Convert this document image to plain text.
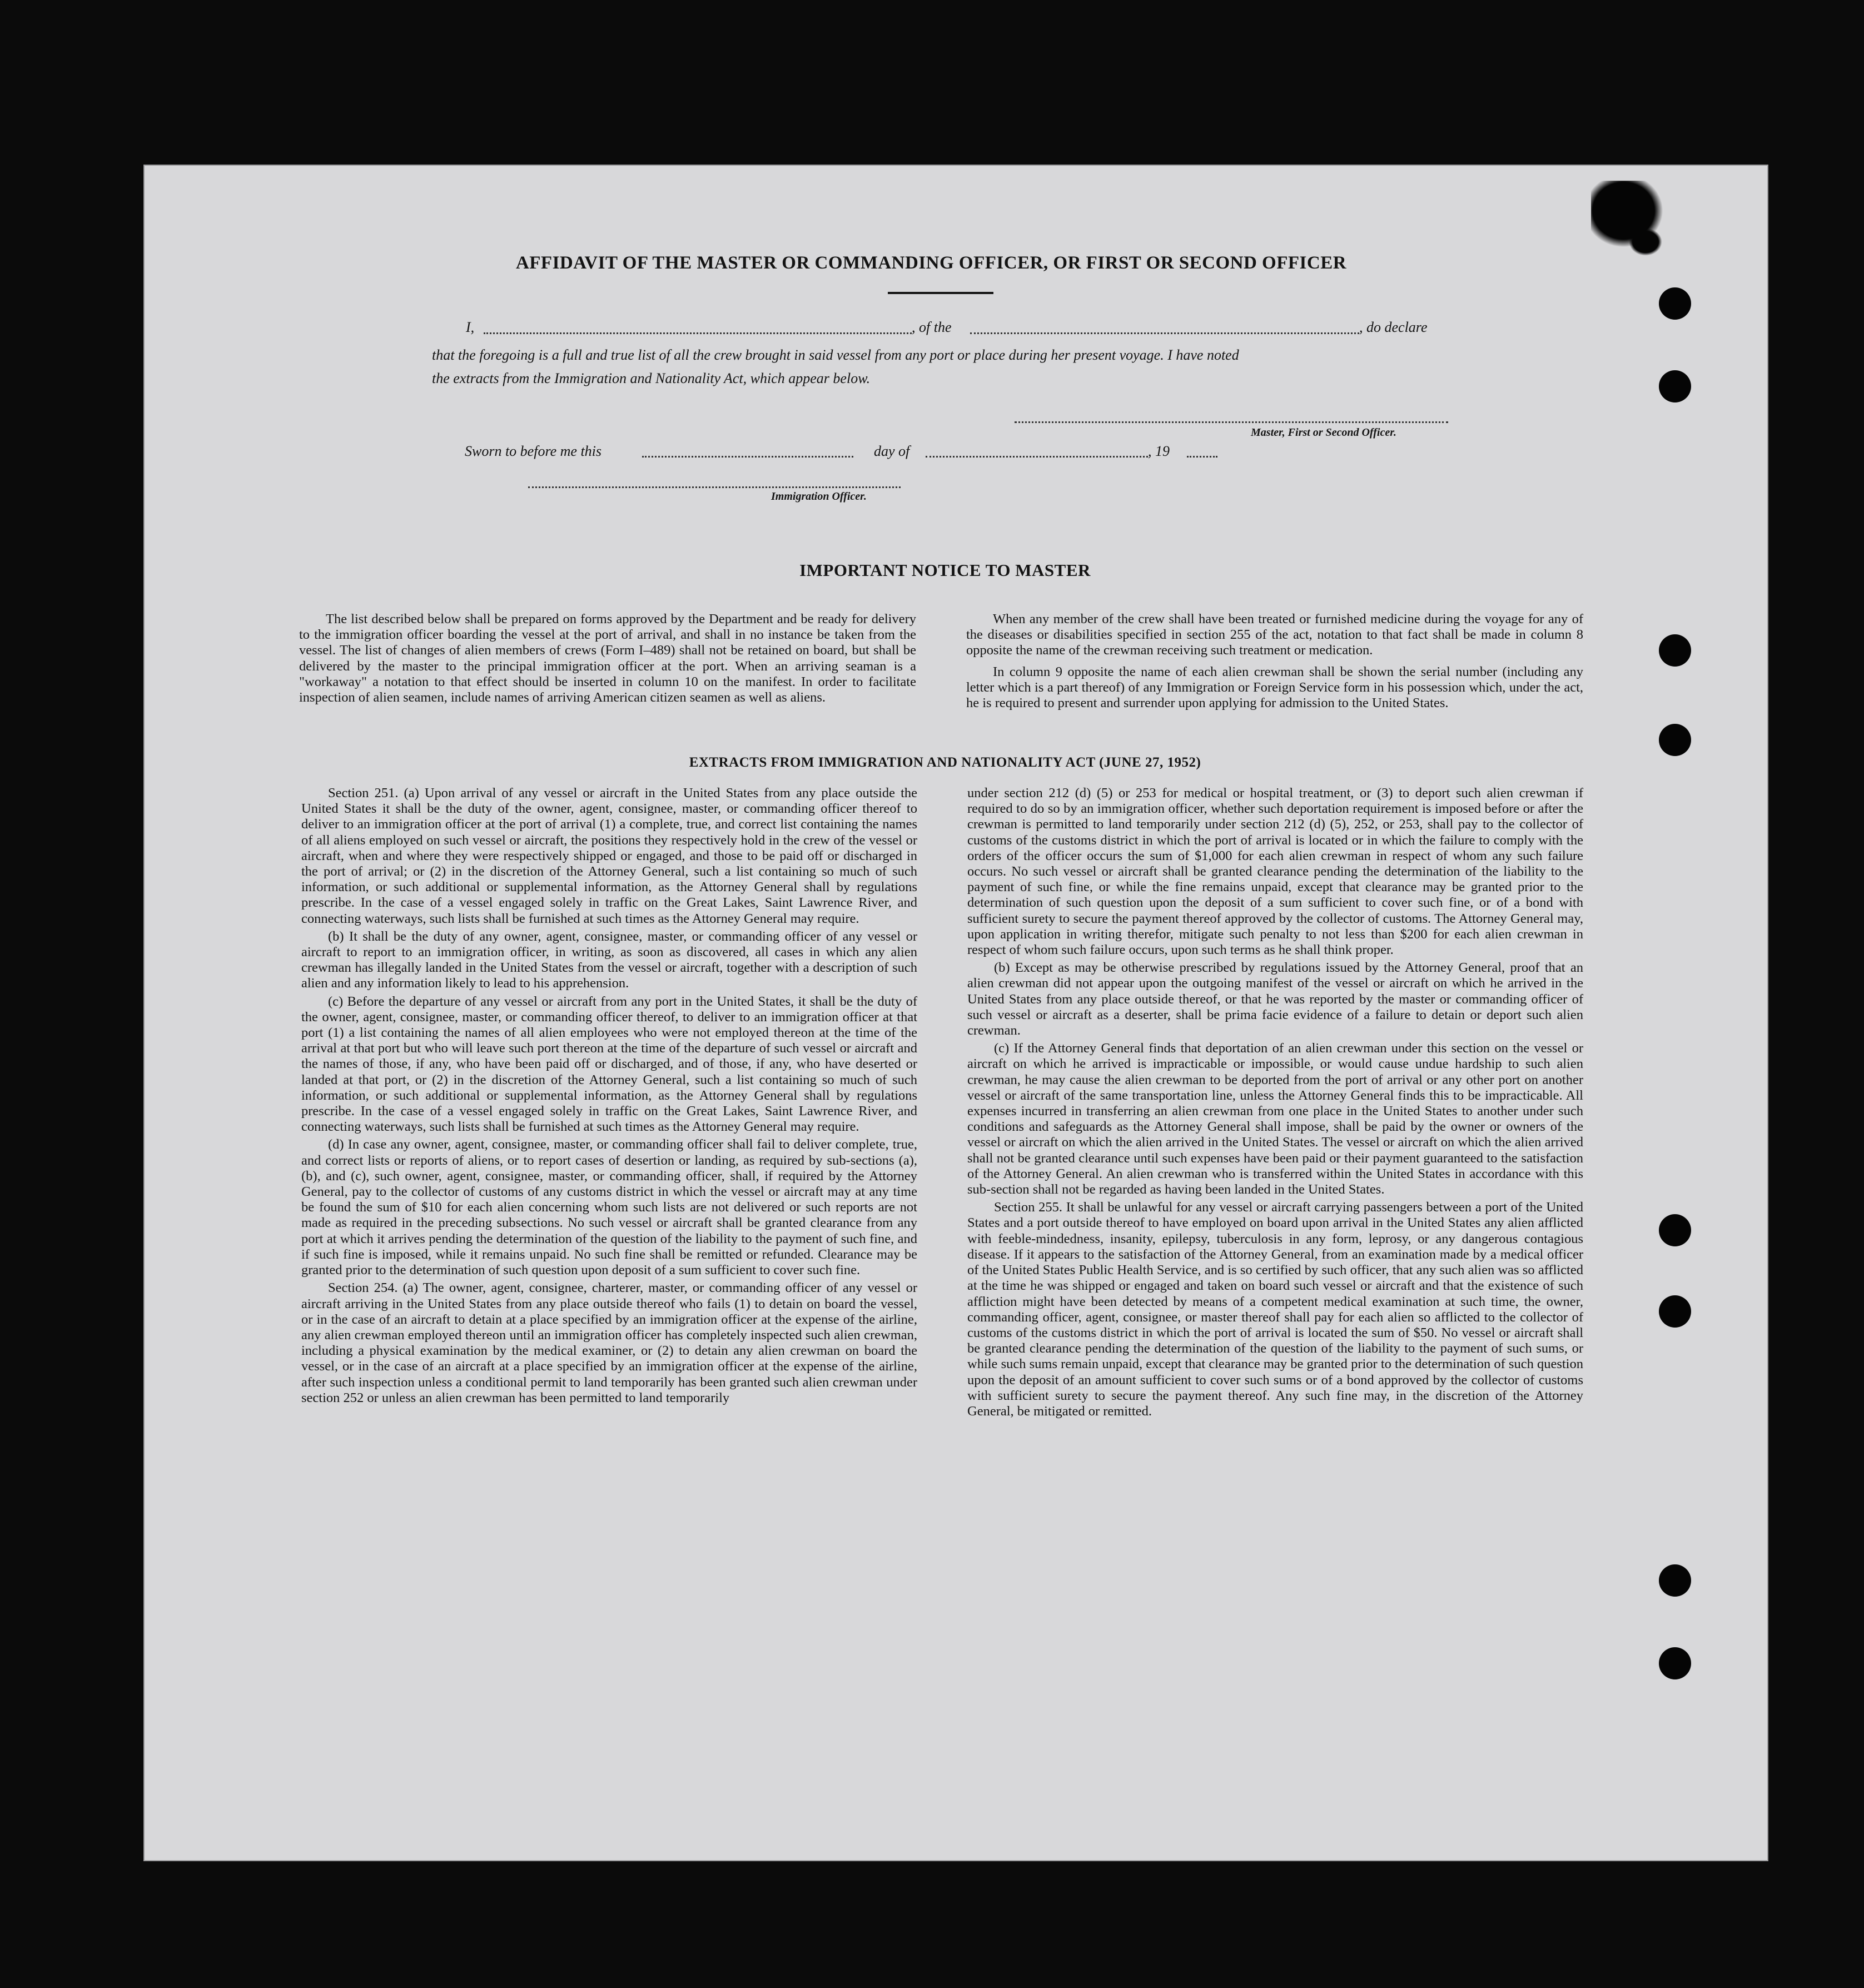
AFFIDAVIT OF THE MASTER OR COMMANDING OFFICER, OR FIRST OR SECOND OFFICER
I,	, of the	, do declare
that the foregoing is a full and true list of all the crew brought in said vessel from any port or place during her present voyage. I have noted
the extracts from the Immigration and Nationality Act, which appear below.
Master, First or Second Officer.
Sworn to before me this	day of	, 19
Immigration Officer.
IMPORTANT NOTICE TO MASTER

The list described below shall be prepared on forms approved by the Department and be ready for delivery to the immigration officer boarding the vessel at the port of arrival, and shall in no instance be taken from the vessel. The list of changes of alien members of crews (Form I–489) shall not be retained on board, but shall be delivered by the master to the principal immigration officer at the port. When an arriving seaman is a "workaway" a notation to that effect should be inserted in column 10 on the manifest. In order to facilitate inspection of alien seamen, include names of arriving American citizen seamen as well as aliens.

When any member of the crew shall have been treated or furnished medicine during the voyage for any of the diseases or disabilities specified in section 255 of the act, notation to that fact shall be made in column 8 opposite the name of the crewman receiving such treatment or medication.

In column 9 opposite the name of each alien crewman shall be shown the serial number (including any letter which is a part thereof) of any Immigration or Foreign Service form in his possession which, under the act, he is required to present and surrender upon applying for admission to the United States.

EXTRACTS FROM IMMIGRATION AND NATIONALITY ACT (JUNE 27, 1952)

Section 251. (a) Upon arrival of any vessel or aircraft in the United States from any place outside the United States it shall be the duty of the owner, agent, consignee, master, or commanding officer thereof to deliver to an immigration officer at the port of arrival (1) a complete, true, and correct list containing the names of all aliens employed on such vessel or aircraft, the positions they respectively hold in the crew of the vessel or aircraft, when and where they were respectively shipped or engaged, and those to be paid off or discharged in the port of arrival; or (2) in the discretion of the Attorney General, such a list containing so much of such information, or such additional or supplemental information, as the Attorney General shall by regulations prescribe. In the case of a vessel engaged solely in traffic on the Great Lakes, Saint Lawrence River, and connecting waterways, such lists shall be furnished at such times as the Attorney General may require.

(b) It shall be the duty of any owner, agent, consignee, master, or commanding officer of any vessel or aircraft to report to an immigration officer, in writing, as soon as discovered, all cases in which any alien crewman has illegally landed in the United States from the vessel or aircraft, together with a description of such alien and any information likely to lead to his apprehension.

(c) Before the departure of any vessel or aircraft from any port in the United States, it shall be the duty of the owner, agent, consignee, master, or commanding officer thereof, to deliver to an immigration officer at that port (1) a list containing the names of all alien employees who were not employed thereon at the time of the arrival at that port but who will leave such port thereon at the time of the departure of such vessel or aircraft and the names of those, if any, who have been paid off or discharged, and of those, if any, who have deserted or landed at that port, or (2) in the discretion of the Attorney General, such a list containing so much of such information, or such additional or supplemental information, as the Attorney General shall by regulations prescribe. In the case of a vessel engaged solely in traffic on the Great Lakes, Saint Lawrence River, and connecting waterways, such lists shall be furnished at such times as the Attorney General may require.

(d) In case any owner, agent, consignee, master, or commanding officer shall fail to deliver complete, true, and correct lists or reports of aliens, or to report cases of desertion or landing, as required by sub-sections (a), (b), and (c), such owner, agent, consignee, master, or commanding officer, shall, if required by the Attorney General, pay to the collector of customs of any customs district in which the vessel or aircraft may at any time be found the sum of $10 for each alien concerning whom such lists are not delivered or such reports are not made as required in the preceding subsections. No such vessel or aircraft shall be granted clearance from any port at which it arrives pending the determination of the question of the liability to the payment of such fine, and if such fine is imposed, while it remains unpaid. No such fine shall be remitted or refunded. Clearance may be granted prior to the determination of such question upon deposit of a sum sufficient to cover such fine.

Section 254. (a) The owner, agent, consignee, charterer, master, or commanding officer of any vessel or aircraft arriving in the United States from any place outside thereof who fails (1) to detain on board the vessel, or in the case of an aircraft to detain at a place specified by an immigration officer at the expense of the airline, any alien crewman employed thereon until an immigration officer has completely inspected such alien crewman, including a physical examination by the medical examiner, or (2) to detain any alien crewman on board the vessel, or in the case of an aircraft at a place specified by an immigration officer at the expense of the airline, after such inspection unless a conditional permit to land temporarily has been granted such alien crewman under section 252 or unless an alien crewman has been permitted to land temporarily

under section 212 (d) (5) or 253 for medical or hospital treatment, or (3) to deport such alien crewman if required to do so by an immigration officer, whether such deportation requirement is imposed before or after the crewman is permitted to land temporarily under section 212 (d) (5), 252, or 253, shall pay to the collector of customs of the customs district in which the port of arrival is located or in which the failure to comply with the orders of the officer occurs the sum of $1,000 for each alien crewman in respect of whom any such failure occurs. No such vessel or aircraft shall be granted clearance pending the determination of the liability to the payment of such fine, or while the fine remains unpaid, except that clearance may be granted prior to the determination of such question upon the deposit of a sum sufficient to cover such fine, or of a bond with sufficient surety to secure the payment thereof approved by the collector of customs. The Attorney General may, upon application in writing therefor, mitigate such penalty to not less than $200 for each alien crewman in respect of whom such failure occurs, upon such terms as he shall think proper.

(b) Except as may be otherwise prescribed by regulations issued by the Attorney General, proof that an alien crewman did not appear upon the outgoing manifest of the vessel or aircraft on which he arrived in the United States from any place outside thereof, or that he was reported by the master or commanding officer of such vessel or aircraft as a deserter, shall be prima facie evidence of a failure to detain or deport such alien crewman.

(c) If the Attorney General finds that deportation of an alien crewman under this section on the vessel or aircraft on which he arrived is impracticable or impossible, or would cause undue hardship to such alien crewman, he may cause the alien crewman to be deported from the port of arrival or any other port on another vessel or aircraft of the same transportation line, unless the Attorney General finds this to be impracticable. All expenses incurred in transferring an alien crewman from one place in the United States to another under such conditions and safeguards as the Attorney General shall impose, shall be paid by the owner or owners of the vessel or aircraft on which the alien arrived in the United States. The vessel or aircraft on which the alien arrived shall not be granted clearance until such expenses have been paid or their payment guaranteed to the satisfaction of the Attorney General. An alien crewman who is transferred within the United States in accordance with this sub-section shall not be regarded as having been landed in the United States.

Section 255. It shall be unlawful for any vessel or aircraft carrying passengers between a port of the United States and a port outside thereof to have employed on board upon arrival in the United States any alien afflicted with feeble-mindedness, insanity, epilepsy, tuberculosis in any form, leprosy, or any dangerous contagious disease. If it appears to the satisfaction of the Attorney General, from an examination made by a medical officer of the United States Public Health Service, and is so certified by such officer, that any such alien was so afflicted at the time he was shipped or engaged and taken on board such vessel or aircraft and that the existence of such affliction might have been detected by means of a competent medical examination at such time, the owner, commanding officer, agent, consignee, or master thereof shall pay for each alien so afflicted to the collector of customs of the customs district in which the port of arrival is located the sum of $50. No vessel or aircraft shall be granted clearance pending the determination of the question of the liability to the payment of such sums, or while such sums remain unpaid, except that clearance may be granted prior to the determination of such question upon the deposit of an amount sufficient to cover such sums or of a bond approved by the collector of customs with sufficient surety to secure the payment thereof. Any such fine may, in the discretion of the Attorney General, be mitigated or remitted.
